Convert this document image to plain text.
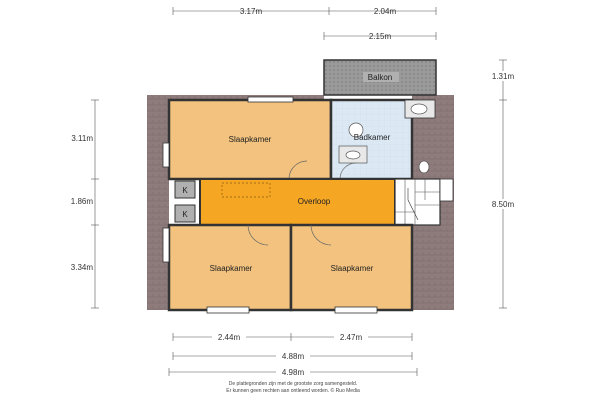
3.17m	2.04m
2.15m
3.11m
1.86m
3.34m
1.31m
8.50m
Balkon
Slaapkamer	Badkamer
K
K
Overloop
Slaapkamer	Slaapkamer
2.44m	2.47m
4.88m
4.98m
De plattegronden zijn met de grootste zorg samengesteld.
Er kunnen geen rechten aan ontleend worden. © Ruo Media
